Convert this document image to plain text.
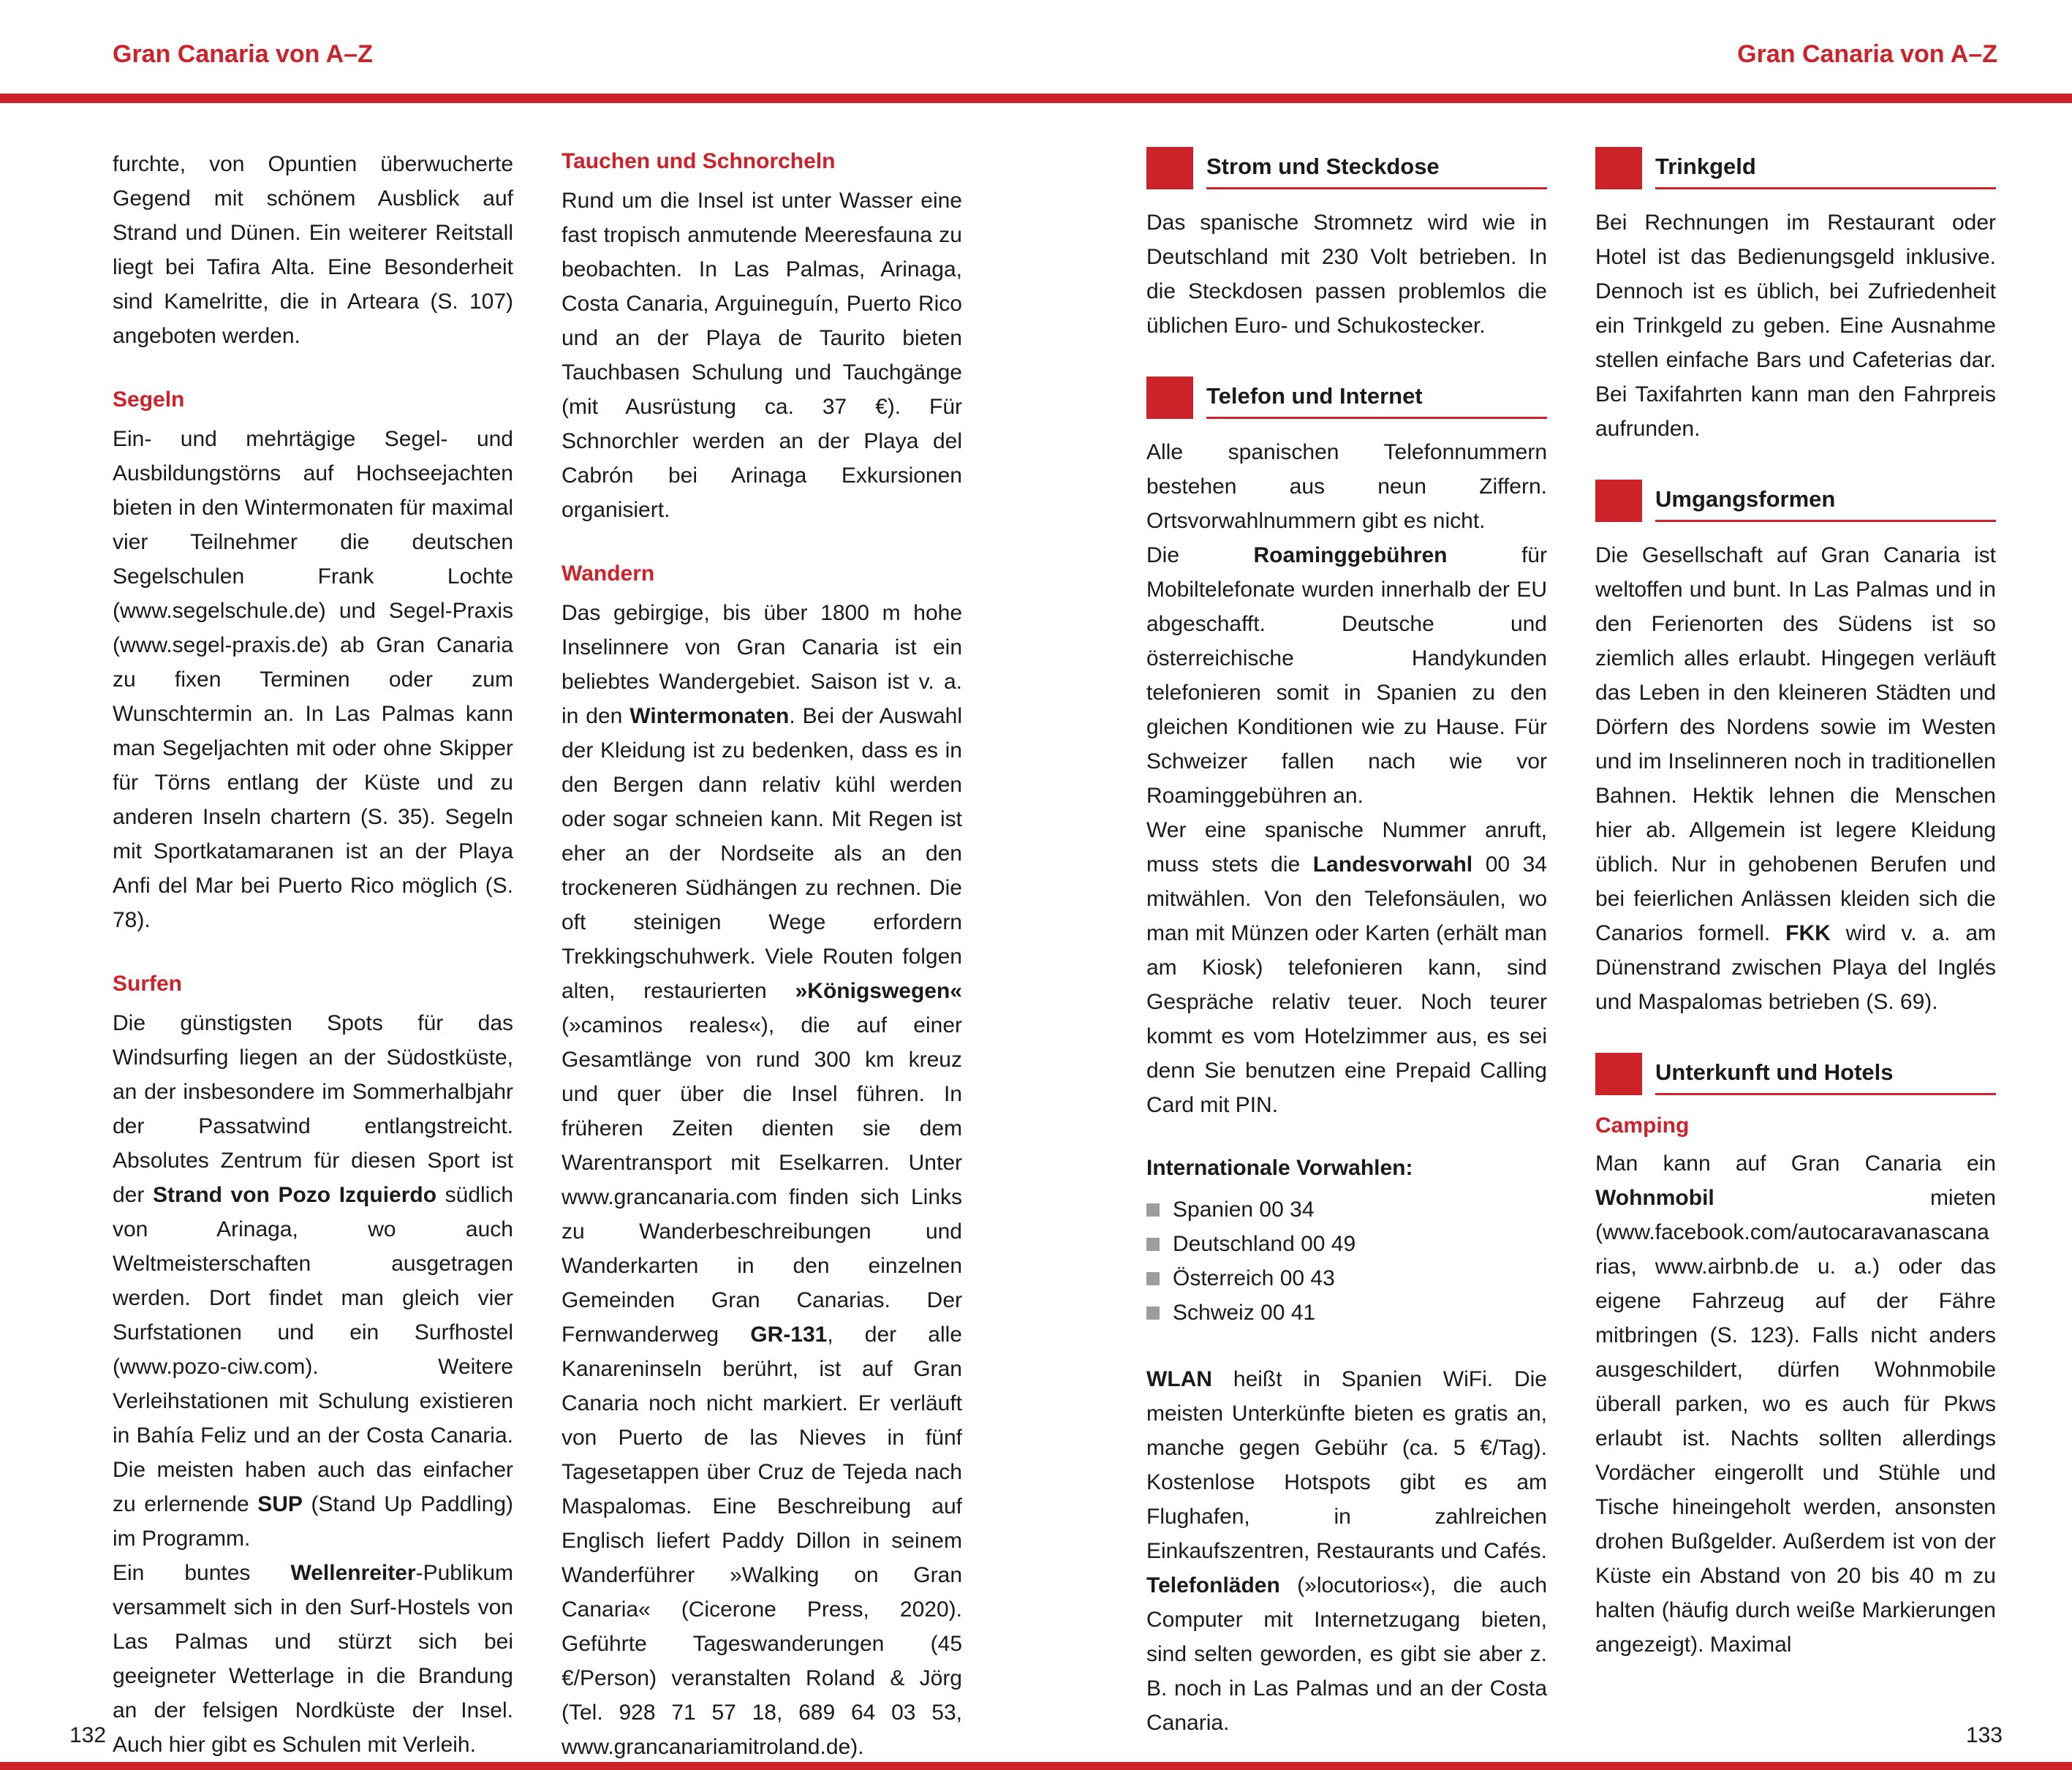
Gran Canaria von A–Z	Gran Canaria von A–Z

furchte, von Opuntien überwucherte Gegend mit schönem Ausblick auf Strand und Dünen. Ein weiterer Reitstall liegt bei Tafira Alta. Eine Besonderheit sind Kamelritte, die in Arteara (S. 107) angeboten werden.

Segeln

Ein- und mehrtägige Segel- und Ausbildungstörns auf Hochseejachten bieten in den Wintermonaten für maximal vier Teilnehmer die deutschen Segelschulen Frank Lochte (www.segelschule.de) und Segel-Praxis (www.segel-praxis.de) ab Gran Canaria zu fixen Terminen oder zum Wunschtermin an. In Las Palmas kann man Segeljachten mit oder ohne Skipper für Törns entlang der Küste und zu anderen Inseln chartern (S. 35). Segeln mit Sportkatamaranen ist an der Playa Anfi del Mar bei Puerto Rico möglich (S. 78).

Surfen

Die günstigsten Spots für das Windsurfing liegen an der Südostküste, an der insbesondere im Sommerhalbjahr der Passatwind entlangstreicht. Absolutes Zentrum für diesen Sport ist der Strand von Pozo Izquierdo südlich von Arinaga, wo auch Weltmeisterschaften ausgetragen werden. Dort findet man gleich vier Surfstationen und ein Surfhostel (www.pozo-ciw.com). Weitere Verleihstationen mit Schulung existieren in Bahía Feliz und an der Costa Canaria. Die meisten haben auch das einfacher zu erlernende SUP (Stand Up Paddling) im Programm.

Ein buntes Wellenreiter-Publikum versammelt sich in den Surf-Hostels von Las Palmas und stürzt sich bei geeigneter Wetterlage in die Brandung an der felsigen Nordküste der Insel. Auch hier gibt es Schulen mit Verleih.

Tauchen und Schnorcheln

Rund um die Insel ist unter Wasser eine fast tropisch anmutende Meeresfauna zu beobachten. In Las Palmas, Arinaga, Costa Canaria, Arguineguín, Puerto Rico und an der Playa de Taurito bieten Tauchbasen Schulung und Tauchgänge (mit Ausrüstung ca. 37 €). Für Schnorchler werden an der Playa del Cabrón bei Arinaga Exkursionen organisiert.

Wandern

Das gebirgige, bis über 1800 m hohe Inselinnere von Gran Canaria ist ein beliebtes Wandergebiet. Saison ist v. a. in den Wintermonaten. Bei der Auswahl der Kleidung ist zu bedenken, dass es in den Bergen dann relativ kühl werden oder sogar schneien kann. Mit Regen ist eher an der Nordseite als an den trockeneren Südhängen zu rechnen. Die oft steinigen Wege erfordern Trekkingschuhwerk. Viele Routen folgen alten, restaurierten »Königswegen« (»caminos reales«), die auf einer Gesamtlänge von rund 300 km kreuz und quer über die Insel führen. In früheren Zeiten dienten sie dem Warentransport mit Eselkarren. Unter www.grancanaria.com finden sich Links zu Wanderbeschreibungen und Wanderkarten in den einzelnen Gemeinden Gran Canarias. Der Fernwanderweg GR-131, der alle Kanareninseln berührt, ist auf Gran Canaria noch nicht markiert. Er verläuft von Puerto de las Nieves in fünf Tagesetappen über Cruz de Tejeda nach Maspalomas. Eine Beschreibung auf Englisch liefert Paddy Dillon in seinem Wanderführer »Walking on Gran Canaria« (Cicerone Press, 2020). Geführte Tageswanderungen (45 €/Person) veranstalten Roland & Jörg (Tel. 928 71 57 18, 689 64 03 53, www.grancanariamitroland.de).

Strom und Steckdose

Das spanische Stromnetz wird wie in Deutschland mit 230 Volt betrieben. In die Steckdosen passen problemlos die üblichen Euro- und Schukostecker.

Telefon und Internet

Alle spanischen Telefonnummern bestehen aus neun Ziffern. Ortsvorwahlnummern gibt es nicht.

Die Roaminggebühren für Mobiltelefonate wurden innerhalb der EU abgeschafft. Deutsche und österreichische Handykunden telefonieren somit in Spanien zu den gleichen Konditionen wie zu Hause. Für Schweizer fallen nach wie vor Roaminggebühren an.

Wer eine spanische Nummer anruft, muss stets die Landesvorwahl 00 34 mitwählen. Von den Telefonsäulen, wo man mit Münzen oder Karten (erhält man am Kiosk) telefonieren kann, sind Gespräche relativ teuer. Noch teurer kommt es vom Hotelzimmer aus, es sei denn Sie benutzen eine Prepaid Calling Card mit PIN.

Internationale Vorwahlen:
Spanien 00 34
Deutschland 00 49
Österreich 00 43
Schweiz 00 41

WLAN heißt in Spanien WiFi. Die meisten Unterkünfte bieten es gratis an, manche gegen Gebühr (ca. 5 €/Tag). Kostenlose Hotspots gibt es am Flughafen, in zahlreichen Einkaufszentren, Restaurants und Cafés. Telefonläden (»locutorios«), die auch Computer mit Internetzugang bieten, sind selten geworden, es gibt sie aber z. B. noch in Las Palmas und an der Costa Canaria.

Trinkgeld

Bei Rechnungen im Restaurant oder Hotel ist das Bedienungsgeld inklusive. Dennoch ist es üblich, bei Zufriedenheit ein Trinkgeld zu geben. Eine Ausnahme stellen einfache Bars und Cafeterias dar. Bei Taxifahrten kann man den Fahrpreis aufrunden.

Umgangsformen

Die Gesellschaft auf Gran Canaria ist weltoffen und bunt. In Las Palmas und in den Ferienorten des Südens ist so ziemlich alles erlaubt. Hingegen verläuft das Leben in den kleineren Städten und Dörfern des Nordens sowie im Westen und im Inselinneren noch in traditionellen Bahnen. Hektik lehnen die Menschen hier ab. Allgemein ist legere Kleidung üblich. Nur in gehobenen Berufen und bei feierlichen Anlässen kleiden sich die Canarios formell. FKK wird v. a. am Dünenstrand zwischen Playa del Inglés und Maspalomas betrieben (S. 69).

Unterkunft und Hotels
Camping

Man kann auf Gran Canaria ein Wohnmobil mieten (www.facebook.com/autocaravanascanarias, www.airbnb.de u. a.) oder das eigene Fahrzeug auf der Fähre mitbringen (S. 123). Falls nicht anders ausgeschildert, dürfen Wohnmobile überall parken, wo es auch für Pkws erlaubt ist. Nachts sollten allerdings Vordächer eingerollt und Stühle und Tische hineingeholt werden, ansonsten drohen Bußgelder. Außerdem ist von der Küste ein Abstand von 20 bis 40 m zu halten (häufig durch weiße Markierungen angezeigt). Maximal

132	133
